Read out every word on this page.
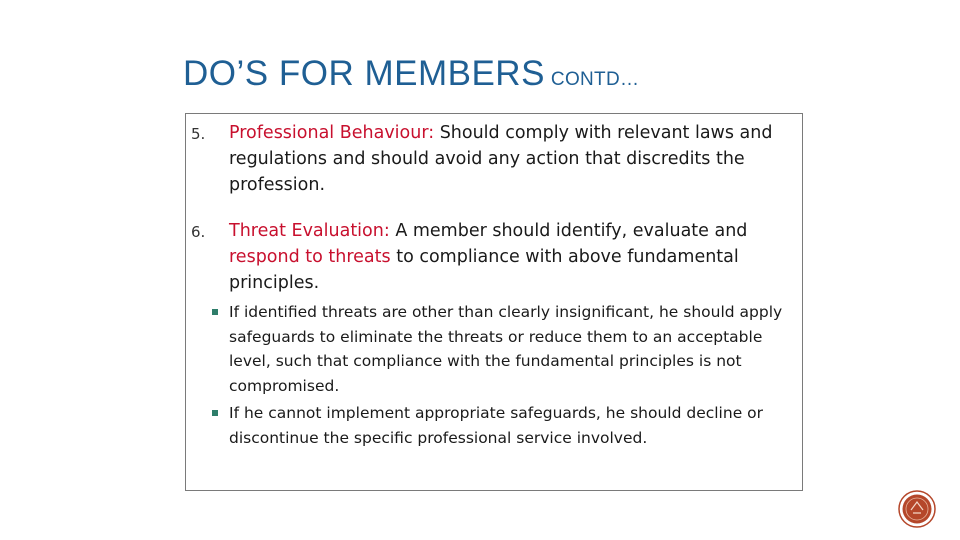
DO’S FOR MEMBERS CONTD…
5. Professional Behaviour: Should comply with relevant laws and regulations and should avoid any action that discredits the profession.
6. Threat Evaluation: A member should identify, evaluate and respond to threats to compliance with above fundamental principles.
If identified threats are other than clearly insignificant, he should apply safeguards to eliminate the threats or reduce them to an acceptable level, such that compliance with the fundamental principles is not compromised.
If he cannot implement appropriate safeguards, he should decline or discontinue the specific professional service involved.
